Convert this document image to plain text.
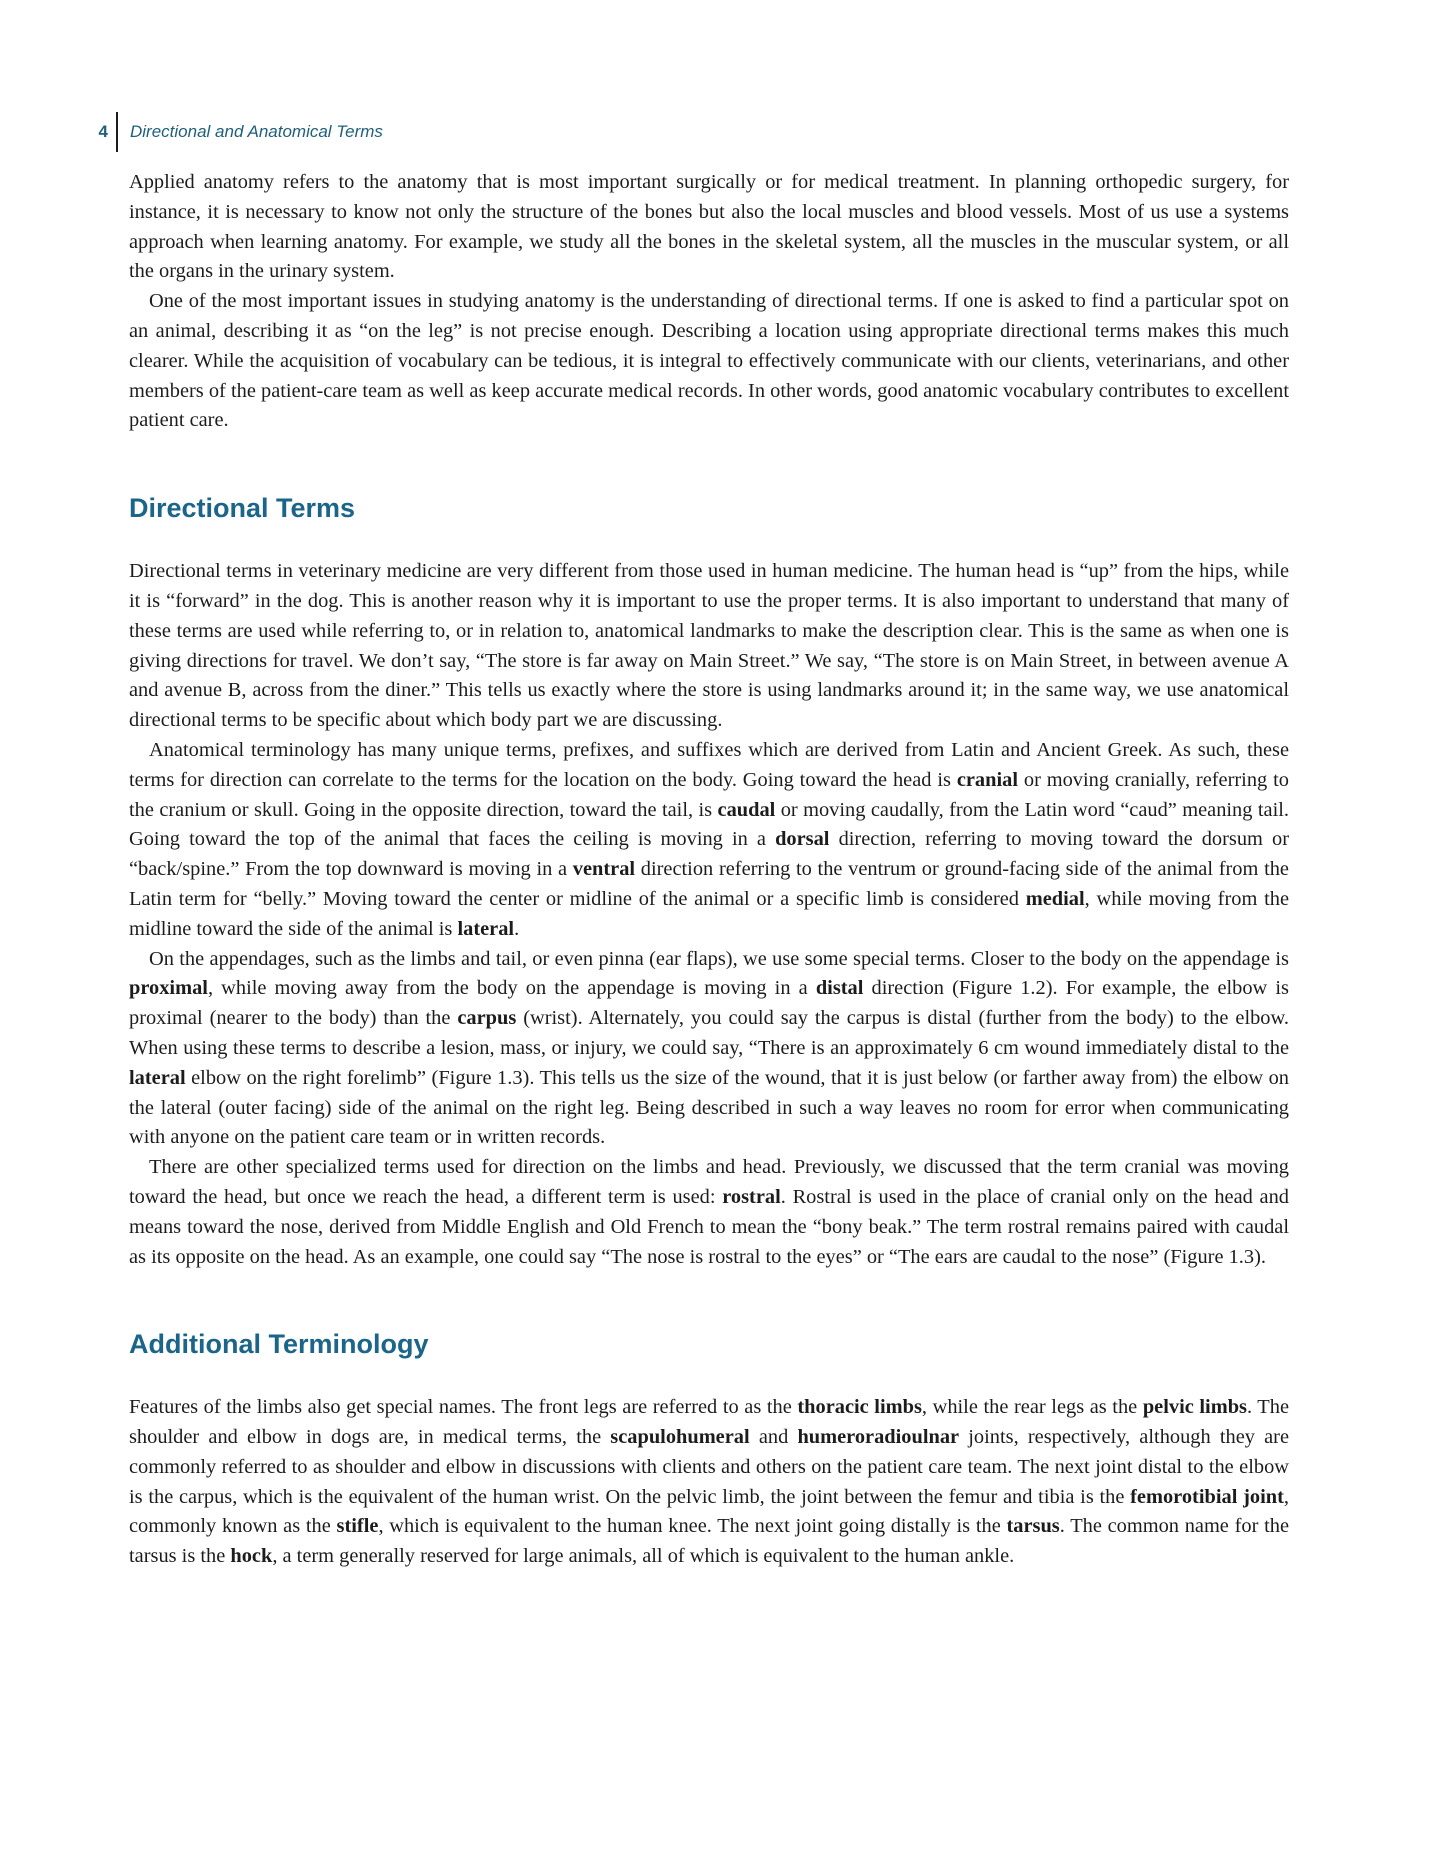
4 Directional and Anatomical Terms

Applied anatomy refers to the anatomy that is most important surgically or for medical treatment. In planning orthopedic surgery, for instance, it is necessary to know not only the structure of the bones but also the local muscles and blood vessels. Most of us use a systems approach when learning anatomy. For example, we study all the bones in the skeletal system, all the muscles in the muscular system, or all the organs in the urinary system.

One of the most important issues in studying anatomy is the understanding of directional terms. If one is asked to find a particular spot on an animal, describing it as “on the leg” is not precise enough. Describing a location using appropriate directional terms makes this much clearer. While the acquisition of vocabulary can be tedious, it is integral to effectively communicate with our clients, veterinarians, and other members of the patient-care team as well as keep accurate medical records. In other words, good anatomic vocabulary contributes to excellent patient care.

Directional Terms

Directional terms in veterinary medicine are very different from those used in human medicine. The human head is “up” from the hips, while it is “forward” in the dog. This is another reason why it is important to use the proper terms. It is also important to understand that many of these terms are used while referring to, or in relation to, anatomical landmarks to make the description clear. This is the same as when one is giving directions for travel. We don’t say, “The store is far away on Main Street.” We say, “The store is on Main Street, in between avenue A and avenue B, across from the diner.” This tells us exactly where the store is using landmarks around it; in the same way, we use anatomical directional terms to be specific about which body part we are discussing.

Anatomical terminology has many unique terms, prefixes, and suffixes which are derived from Latin and Ancient Greek. As such, these terms for direction can correlate to the terms for the location on the body. Going toward the head is cranial or moving cranially, referring to the cranium or skull. Going in the opposite direction, toward the tail, is caudal or moving caudally, from the Latin word “caud” meaning tail. Going toward the top of the animal that faces the ceiling is moving in a dorsal direction, referring to moving toward the dorsum or “back/spine.” From the top downward is moving in a ventral direction referring to the ventrum or ground-facing side of the animal from the Latin term for “belly.” Moving toward the center or midline of the animal or a specific limb is considered medial, while moving from the midline toward the side of the animal is lateral.

On the appendages, such as the limbs and tail, or even pinna (ear flaps), we use some special terms. Closer to the body on the appendage is proximal, while moving away from the body on the appendage is moving in a distal direction (Figure 1.2). For example, the elbow is proximal (nearer to the body) than the carpus (wrist). Alternately, you could say the carpus is distal (further from the body) to the elbow. When using these terms to describe a lesion, mass, or injury, we could say, “There is an approximately 6 cm wound immediately distal to the lateral elbow on the right forelimb” (Figure 1.3). This tells us the size of the wound, that it is just below (or farther away from) the elbow on the lateral (outer facing) side of the animal on the right leg. Being described in such a way leaves no room for error when communicating with anyone on the patient care team or in written records.

There are other specialized terms used for direction on the limbs and head. Previously, we discussed that the term cranial was moving toward the head, but once we reach the head, a different term is used: rostral. Rostral is used in the place of cranial only on the head and means toward the nose, derived from Middle English and Old French to mean the “bony beak.” The term rostral remains paired with caudal as its opposite on the head. As an example, one could say “The nose is rostral to the eyes” or “The ears are caudal to the nose” (Figure 1.3).

Additional Terminology

Features of the limbs also get special names. The front legs are referred to as the thoracic limbs, while the rear legs as the pelvic limbs. The shoulder and elbow in dogs are, in medical terms, the scapulohumeral and humeroradioulnar joints, respectively, although they are commonly referred to as shoulder and elbow in discussions with clients and others on the patient care team. The next joint distal to the elbow is the carpus, which is the equivalent of the human wrist. On the pelvic limb, the joint between the femur and tibia is the femorotibial joint, commonly known as the stifle, which is equivalent to the human knee. The next joint going distally is the tarsus. The common name for the tarsus is the hock, a term generally reserved for large animals, all of which is equivalent to the human ankle.
